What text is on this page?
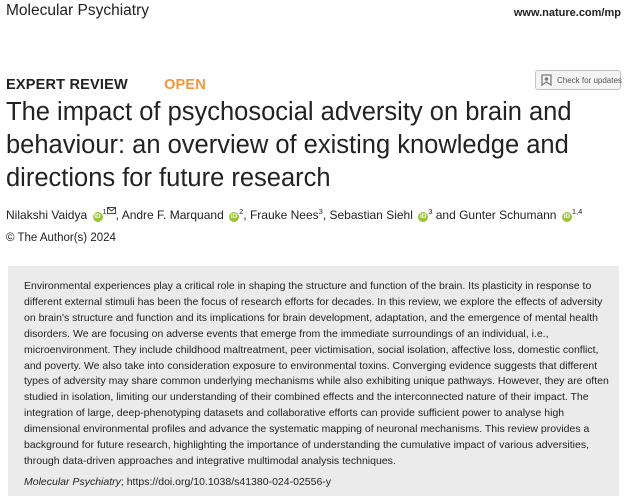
Molecular Psychiatry	www.nature.com/mp
EXPERT REVIEW OPEN	Check for updates
The impact of psychosocial adversity on brain and behaviour: an overview of existing knowledge and directions for future research
Nilakshi Vaidya $iD^1$ , Andre F. Marquand $iD^2$, Frauke Nees$^3$, Sebastian Siehl $iD^3$ and Gunter Schumann iD$^{1,4}$
© The Author(s) 2024

Environmental experiences play a critical role in shaping the structure and function of the brain. Its plasticity in response to different external stimuli has been the focus of research efforts for decades. In this review, we explore the effects of adversity on brain's structure and function and its implications for brain development, adaptation, and the emergence of mental health disorders. We are focusing on adverse events that emerge from the immediate surroundings of an individual, i.e., microenvironment. They include childhood maltreatment, peer victimisation, social isolation, affective loss, domestic conflict, and poverty. We also take into consideration exposure to environmental toxins. Converging evidence suggests that different types of adversity may share common underlying mechanisms while also exhibiting unique pathways. However, they are often studied in isolation, limiting our understanding of their combined effects and the interconnected nature of their impact. The integration of large, deep-phenotyping datasets and collaborative efforts can provide sufficient power to analyse high dimensional environmental profiles and advance the systematic mapping of neuronal mechanisms. This review provides a background for future research, highlighting the importance of understanding the cumulative impact of various adversities, through data-driven approaches and integrative multimodal analysis techniques.

Molecular Psychiatry; https://doi.org/10.1038/s41380-024-02556-y
